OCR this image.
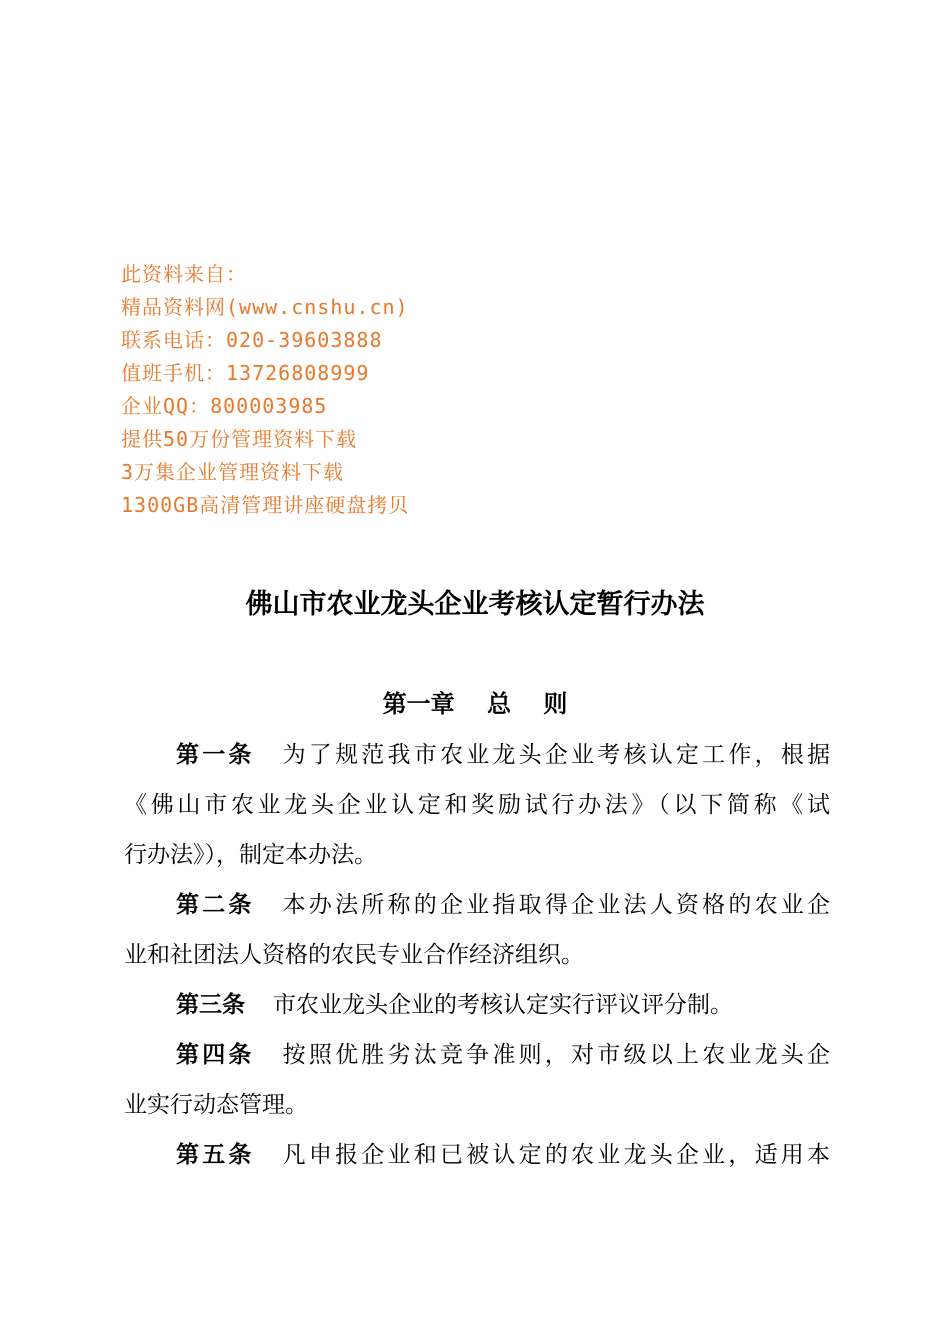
此资料来自：
精品资料网(www.cnshu.cn)
联系电话：020-39603888
值班手机：13726808999
企业QQ：800003985
提供50万份管理资料下载
3万集企业管理资料下载
1300GB高清管理讲座硬盘拷贝
佛山市农业龙头企业考核认定暂行办法
第一章　 总　 则
第一条 为了规范我市农业龙头企业考核认定工作，根据
《佛山市农业龙头企业认定和奖励试行办法》（以下简称《试
行办法》），制定本办法。
第二条 本办法所称的企业指取得企业法人资格的农业企
业和社团法人资格的农民专业合作经济组织。
第三条 市农业龙头企业的考核认定实行评议评分制。
第四条 按照优胜劣汰竞争准则，对市级以上农业龙头企
业实行动态管理。
第五条 凡申报企业和已被认定的农业龙头企业，适用本
